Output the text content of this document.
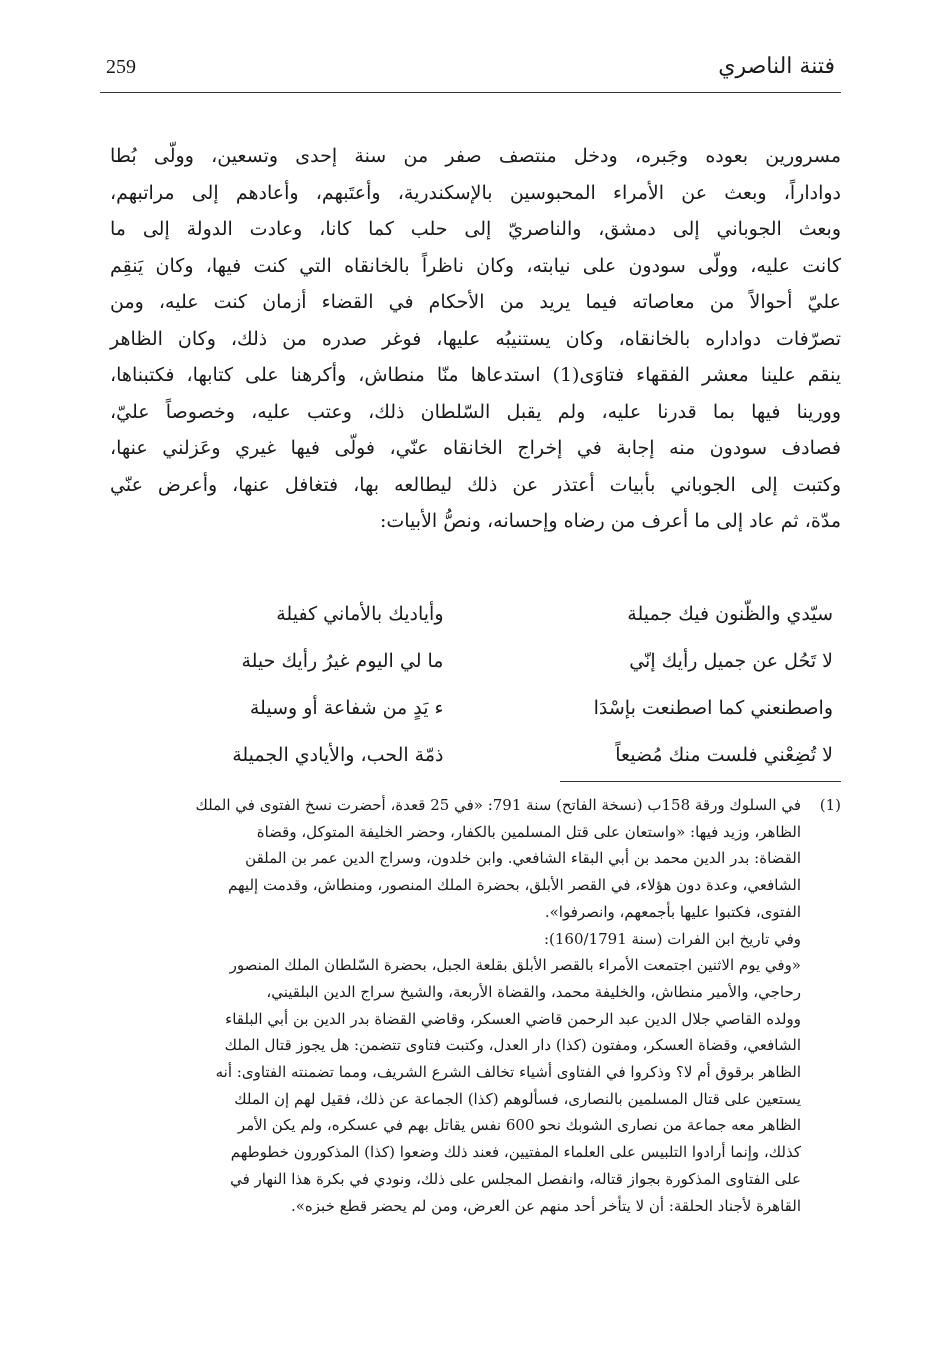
فتنة الناصري
259

مسرورين بعوده وجَبره، ودخل منتصف صفر من سنة إحدى وتسعين، وولّى بُطا

دواداراً، وبعث عن الأمراء المحبوسين بالإسكندرية، وأعتَبهم، وأعادهم إلى مراتبهم،

وبعث الجوباني إلى دمشق، والناصريّ إلى حلب كما كانا، وعادت الدولة إلى ما

كانت عليه، وولّى سودون على نيابته، وكان ناظراً بالخانقاه التي كنت فيها، وكان يَنقِم

عليّ أحوالاً من معاصاته فيما يريد من الأحكام في القضاء أزمان كنت عليه، ومن

تصرّفات دواداره بالخانقاه، وكان يستنيبُه عليها، فوغر صدره من ذلك، وكان الظاهر

ينقم علينا معشر الفقهاء فتاوَى(1) استدعاها منّا منطاش، وأكرهنا على كتابها، فكتبناها،

وورينا فيها بما قدرنا عليه، ولم يقبل السّلطان ذلك، وعتب عليه، وخصوصاً عليّ،

فصادف سودون منه إجابة في إخراج الخانقاه عنّي، فولّى فيها غيري وعَزلني عنها،

وكتبت إلى الجوباني بأبيات أعتذر عن ذلك ليطالعه بها، فتغافل عنها، وأعرض عنّي

مدّة، ثم عاد إلى ما أعرف من رضاه وإحسانه، ونصُّ الأبيات:

سيّدي والظّنون فيك جميلة
وأياديك بالأماني كفيلة
لا تَحُل عن جميل رأيك إنّي
ما لي اليوم غيرُ رأيك حيلة
واصطنعني كما اصطنعت بإسْدَا
ء يَدٍ من شفاعة أو وسيلة
لا تُضِعْني فلست منك مُضيعاً
ذمّة الحب، والأيادي الجميلة
(1)

في السلوك ورقة 158ب (نسخة الفاتح) سنة 791: «في 25 قعدة، أحضرت نسخ الفتوى في الملك

الظاهر، وزيد فيها: «واستعان على قتل المسلمين بالكفار، وحضر الخليفة المتوكل، وقضاة

القضاة: بدر الدين محمد بن أبي البقاء الشافعي. وابن خلدون، وسراج الدين عمر بن الملقن

الشافعي، وعدة دون هؤلاء، في القصر الأبلق، بحضرة الملك المنصور، ومنطاش، وقدمت إليهم

الفتوى، فكتبوا عليها بأجمعهم، وانصرفوا».

وفي تاريخ ابن الفرات (سنة 160/1791):

«وفي يوم الاثنين اجتمعت الأمراء بالقصر الأبلق بقلعة الجبل، بحضرة السّلطان الملك المنصور

رحاجي، والأمير منطاش، والخليفة محمد، والقضاة الأربعة، والشيخ سراج الدين البلقيني،

وولده القاصي جلال الدين عبد الرحمن قاضي العسكر، وقاضي القضاة بدر الدين بن أبي البلقاء

الشافعي، وقضاة العسكر، ومفتون (كذا) دار العدل، وكتبت فتاوى تتضمن: هل يجوز قتال الملك

الظاهر برقوق أم لا؟ وذكروا في الفتاوى أشياء تخالف الشرع الشريف، ومما تضمنته الفتاوى: أنه

يستعين على قتال المسلمين بالنصارى، فسألوهم (كذا) الجماعة عن ذلك، فقيل لهم إن الملك

الظاهر معه جماعة من نصارى الشوبك نحو 600 نفس يقاتل بهم في عسكره، ولم يكن الأمر

كذلك، وإنما أرادوا التلبيس على العلماء المفتيين، فعند ذلك وضعوا (كذا) المذكورون خطوطهم

على الفتاوى المذكورة بجواز قتاله، وانفصل المجلس على ذلك، ونودي في بكرة هذا النهار في

القاهرة لأجناد الحلقة: أن لا يتأخر أحد منهم عن العرض، ومن لم يحضر قطع خبزه».
